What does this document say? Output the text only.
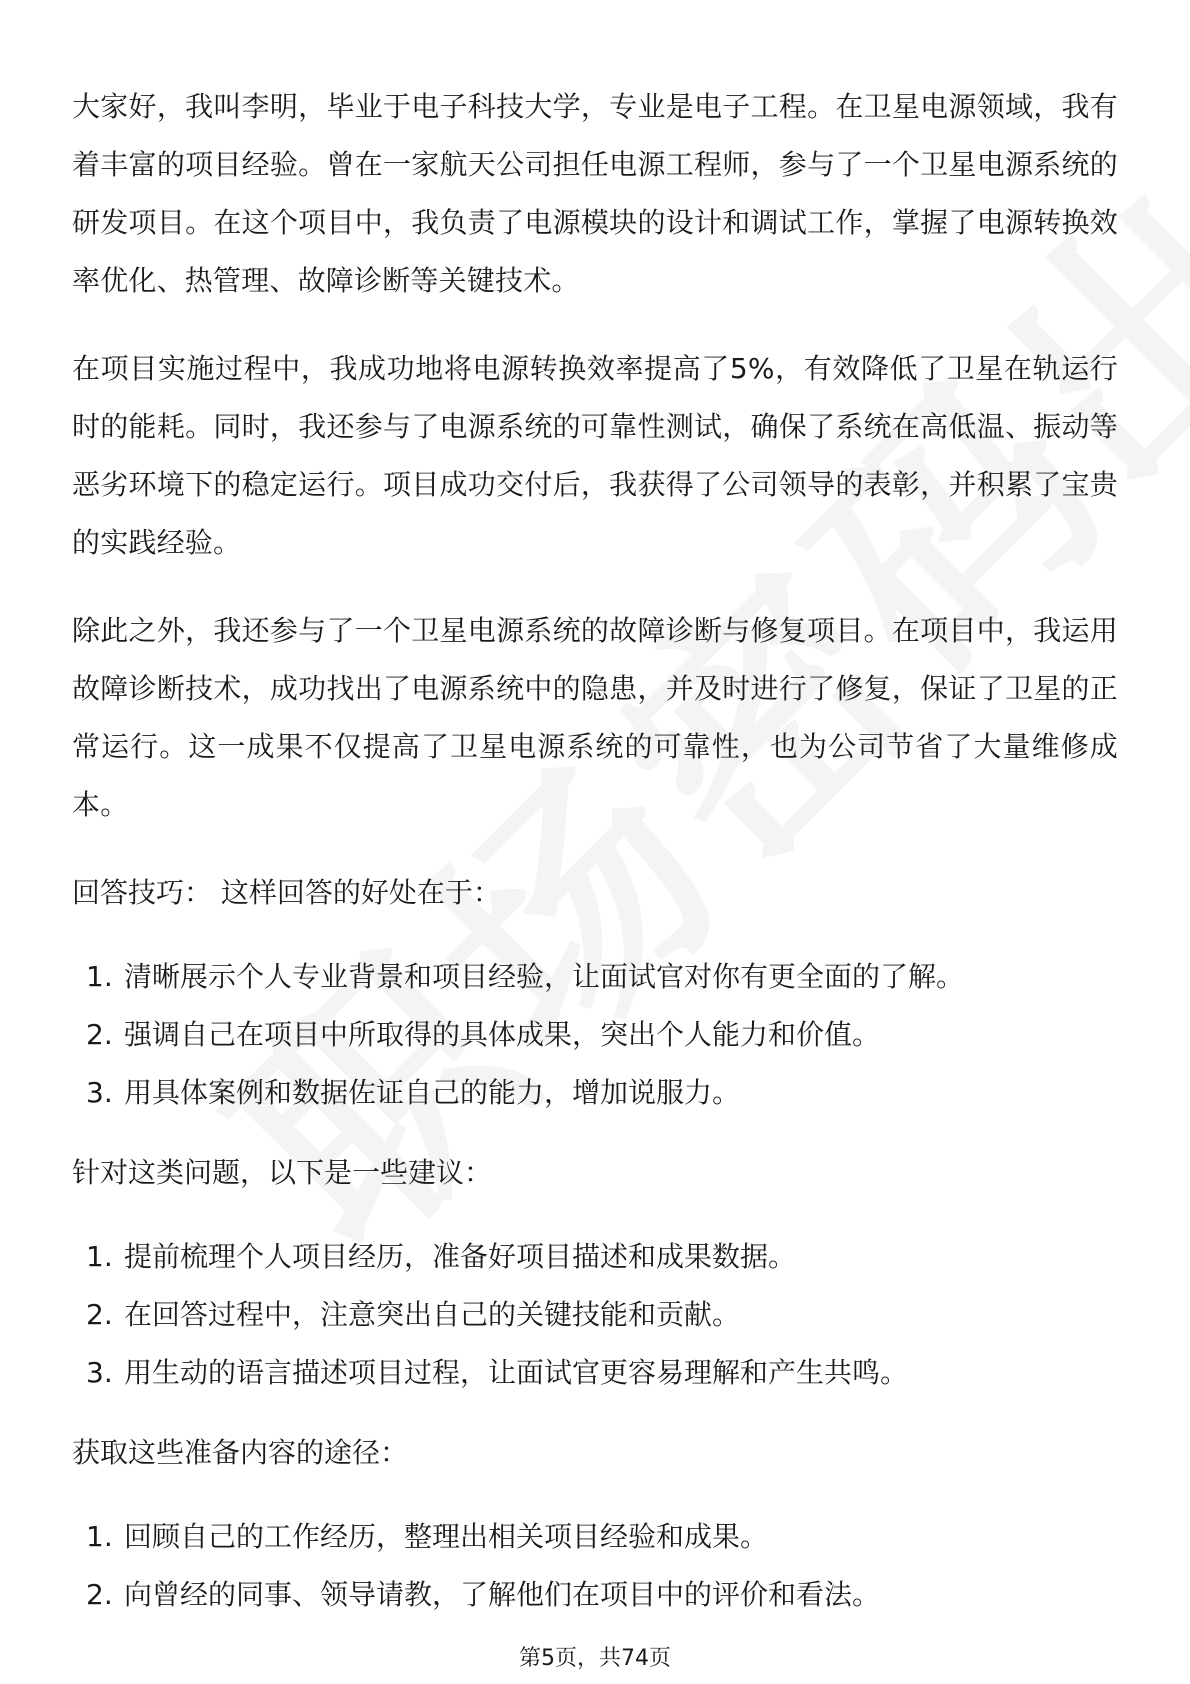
大家好，我叫李明，毕业于电子科技大学，专业是电子工程。在卫星电源领域，我有着丰富的项目经验。曾在一家航天公司担任电源工程师，参与了一个卫星电源系统的研发项目。在这个项目中，我负责了电源模块的设计和调试工作，掌握了电源转换效率优化、热管理、故障诊断等关键技术。

在项目实施过程中，我成功地将电源转换效率提高了5%，有效降低了卫星在轨运行时的能耗。同时，我还参与了电源系统的可靠性测试，确保了系统在高低温、振动等恶劣环境下的稳定运行。项目成功交付后，我获得了公司领导的表彰，并积累了宝贵的实践经验。

除此之外，我还参与了一个卫星电源系统的故障诊断与修复项目。在项目中，我运用故障诊断技术，成功找出了电源系统中的隐患，并及时进行了修复，保证了卫星的正常运行。这一成果不仅提高了卫星电源系统的可靠性，也为公司节省了大量维修成本。

回答技巧： 这样回答的好处在于：
1. 清晰展示个人专业背景和项目经验，让面试官对你有更全面的了解。
2. 强调自己在项目中所取得的具体成果，突出个人能力和价值。
3. 用具体案例和数据佐证自己的能力，增加说服力。
针对这类问题，以下是一些建议：
1. 提前梳理个人项目经历，准备好项目描述和成果数据。
2. 在回答过程中，注意突出自己的关键技能和贡献。
3. 用生动的语言描述项目过程，让面试官更容易理解和产生共鸣。
获取这些准备内容的途径：
1. 回顾自己的工作经历，整理出相关项目经验和成果。
2. 向曾经的同事、领导请教，了解他们在项目中的评价和看法。
第5页，共74页
